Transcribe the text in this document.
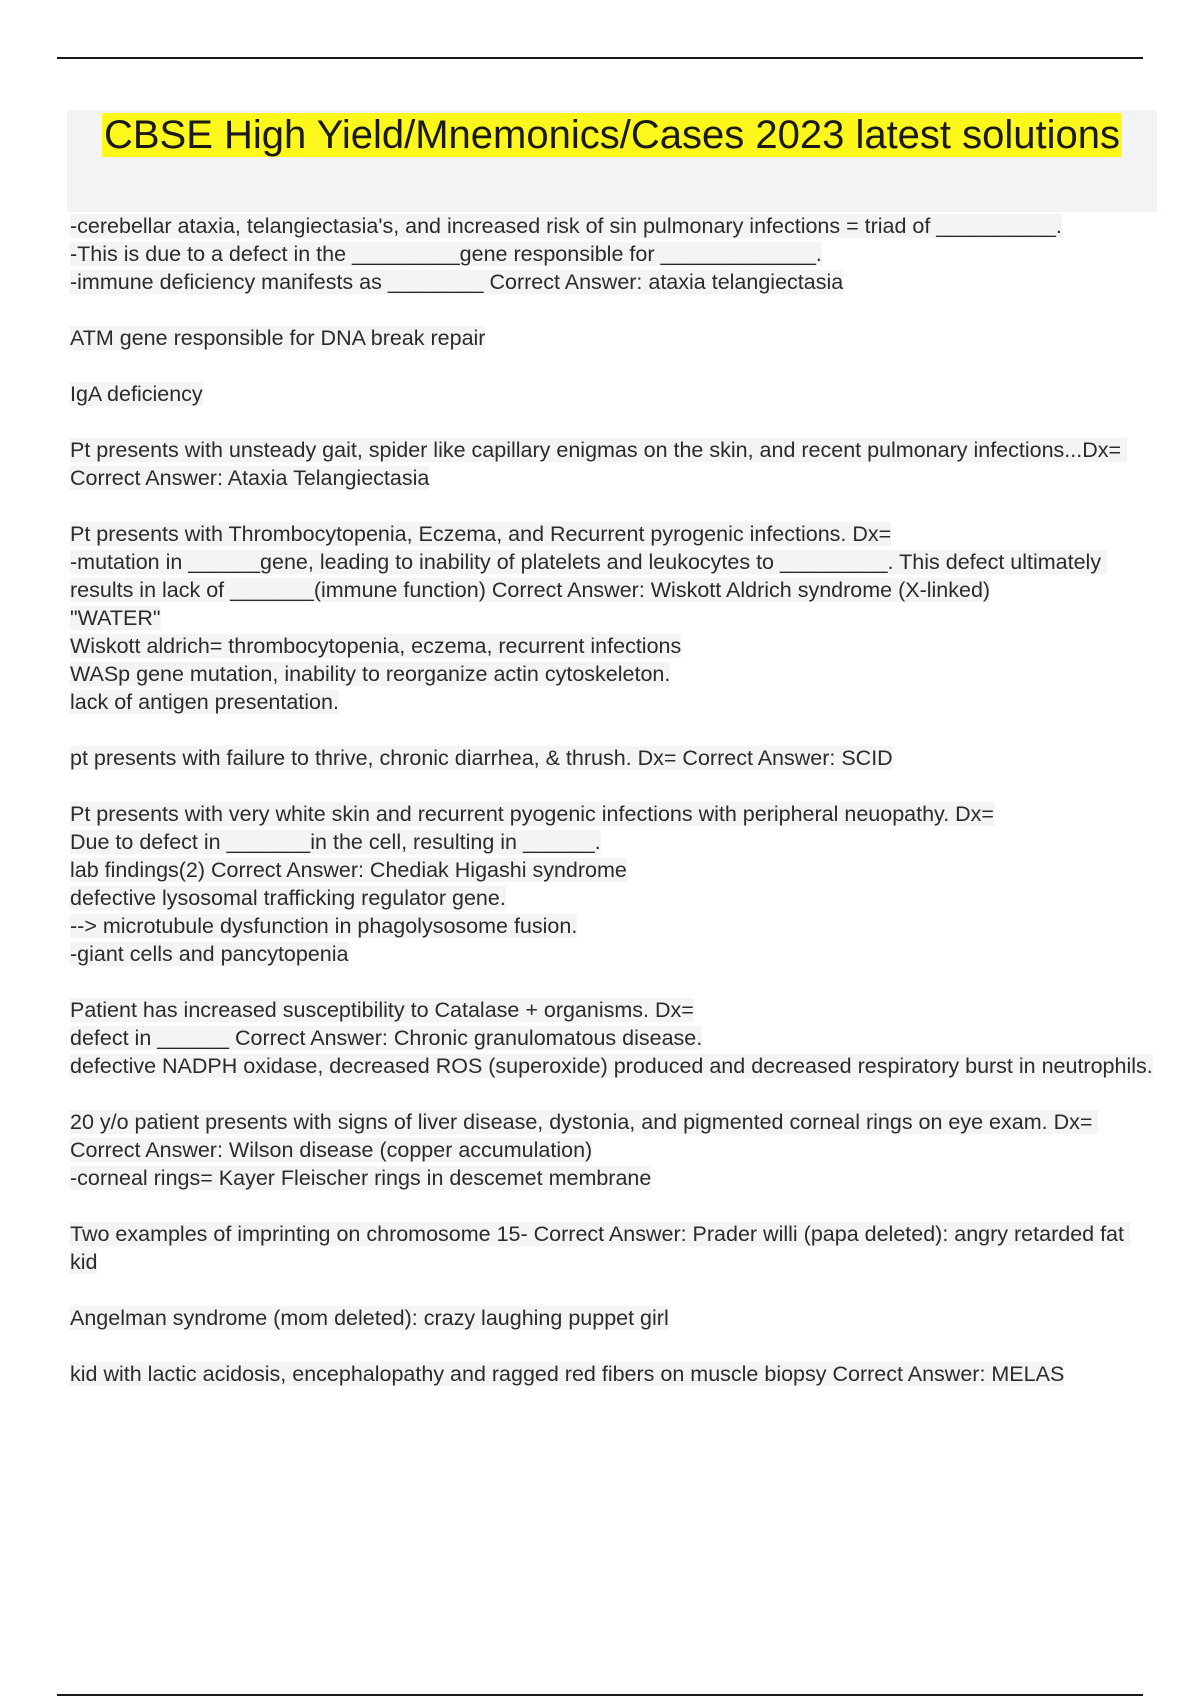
CBSE High Yield/Mnemonics/Cases 2023 latest solutions
-cerebellar ataxia, telangiectasia's, and increased risk of sin pulmonary infections = triad of __________.
-This is due to a defect in the _________gene responsible for _____________.
-immune deficiency manifests as ________ Correct Answer: ataxia telangiectasia
ATM gene responsible for DNA break repair
IgA deficiency
Pt presents with unsteady gait, spider like capillary enigmas on the skin, and recent pulmonary infections...Dx= Correct Answer: Ataxia Telangiectasia
Pt presents with Thrombocytopenia, Eczema, and Recurrent pyrogenic infections. Dx=
-mutation in ______gene, leading to inability of platelets and leukocytes to _________. This defect ultimately results in lack of _______(immune function) Correct Answer: Wiskott Aldrich syndrome (X-linked)
"WATER"
Wiskott aldrich= thrombocytopenia, eczema, recurrent infections
WASp gene mutation, inability to reorganize actin cytoskeleton.
lack of antigen presentation.
pt presents with failure to thrive, chronic diarrhea, & thrush. Dx= Correct Answer: SCID
Pt presents with very white skin and recurrent pyogenic infections with peripheral neuopathy. Dx=
Due to defect in _______in the cell, resulting in ______.
lab findings(2) Correct Answer: Chediak Higashi syndrome
defective lysosomal trafficking regulator gene.
--> microtubule dysfunction in phagolysosome fusion.
-giant cells and pancytopenia
Patient has increased susceptibility to Catalase + organisms. Dx=
defect in ______ Correct Answer: Chronic granulomatous disease.
defective NADPH oxidase, decreased ROS (superoxide) produced and decreased respiratory burst in neutrophils.
20 y/o patient presents with signs of liver disease, dystonia, and pigmented corneal rings on eye exam. Dx= Correct Answer: Wilson disease (copper accumulation)
-corneal rings= Kayer Fleischer rings in descemet membrane
Two examples of imprinting on chromosome 15- Correct Answer: Prader willi (papa deleted): angry retarded fat kid
Angelman syndrome (mom deleted): crazy laughing puppet girl
kid with lactic acidosis, encephalopathy and ragged red fibers on muscle biopsy Correct Answer: MELAS
